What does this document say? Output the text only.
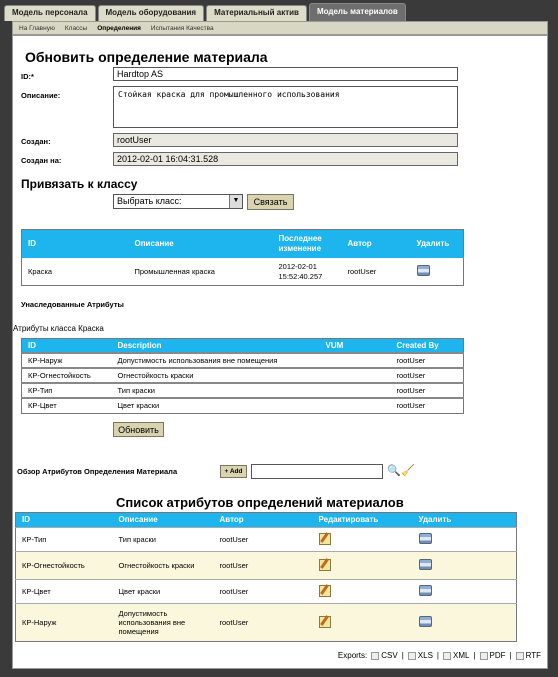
Модель персонала	Модель оборудования	Материальный актив	Модель материалов
На Главную Классы Определения Испытания Качества
Обновить определение материала
ID:*	Hardtop AS
Описание:	Стойкая краска для промышленного использования
Создан:	rootUser
Создан на:	2012-02-01 16:04:31.528
Привязать к классу
Выбрать класс:	▼	Связать
ID	Описание	Последнее изменение	Автор	Удалить
Краска	Промышленная краска	2012-02-01 15:52:40.257	rootUser	
Унаследованные Атрибуты
Атрибуты класса Краска
ID	Description	VUM	Created By
КР-Наруж	Допустимость использования вне помещения		rootUser
КР-Огнестойкость	Огнестойкость краски		rootUser
КР-Тип	Тип краски		rootUser
КР-Цвет	Цвет краски		rootUser
Обновить
Обзор Атрибутов Определения Материала	+ Add	🔍 🧹
Список атрибутов определений материалов
ID	Описание	Автор	Редактировать	Удалить
КР-Тип	Тип краски	rootUser		
КР-Огнестойкость	Огнестойкость краски	rootUser		
КР-Цвет	Цвет краски	rootUser		
КР-Наруж	Допустимость использования вне помещения	rootUser		
Exports:	CSV |	XLS |	XML |	PDF |	RTF
